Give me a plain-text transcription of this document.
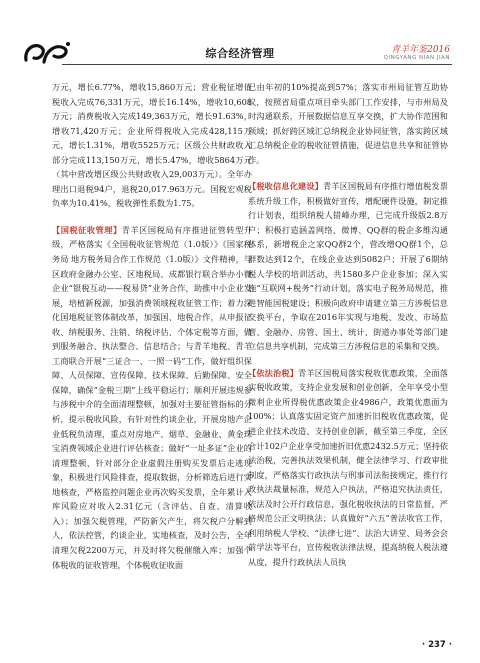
综合经济管理	青羊年鉴2016
QINGYANG NIAN JIAN

万元，增长6.77%，增收15,860万元；营业税征增值税收入完成76,331万元，增长16.14%，增收10,608万元；消费税收入完成149,363万元，增长91.63%，增收71,420万元；企业所得税收入完成428,115万元，增长1.31%，增收5525万元；区级公共财政收入部分完成113,150万元，增长5.47%，增收5864万元（其中营改增区级公共财政收入29,003万元）。全年办理出口退税94户，退税20,017.963万元。国税宏观税负率为10.41%，税收弹性系数为1.75。

【国税征收管理】青羊区国税局有序推进征管转型升级，严格落实《全国税收征管规范（1.0版）》《国家税务局 地方税务局合作工作规范（1.0版）》文件精神，与区政府金融办公室、区地税局、成都银行联合举办小微企业“银税互动——税易贷”业务合作，助推中小企业发展，培植新税源，加强消费领域税收征管工作；着力深化国地税征管体制改革，加强国、地税合作，从申报征收、纳税服务、注销、纳税评估、个体定税等方面，做到服务融合、执法整合、信息结合；与青羊地税、青羊工商联合开展“三证合一、一照一码”工作，做好组织保障、人员保障、宣传保障、技术保障、后勤保障、安全保障，确保“金税三期”上线平稳运行；顺利开展违规参与涉税中介的全面清理整顿，加强对主要征管指标的分析，提示税收风险，有针对性约谈企业，开展房地产企业低税负清理，重点对房地产、烟草、金融业、黄金珠宝消费领域企业进行评估核查；做好“一址多证”企业的清理整顿，针对部分企业虚假注册购买发票后走逃现象，积极进行风险排查，提取数据，分析筛选后进行实地核查，严格监控问题企业再次购买发票，全年累计入库风险应对收入2.31亿元（含评估、自查、清算收入）；加强欠税管理，严防新欠产生，将欠税户分解到人，依法控管，约谈企业，实地核查，及时公告，全年清理欠税2200万元，并及时将欠税催缴入库；加强个体税收的征收管理，个体税收征收面

已由年初的10%提高到57%；落实市州局征管互助协议，按照省局重点项目牵头部门工作安排，与市州局及时沟通联系，开展数据信息互享交换，扩大协作范围和领域；抓好跨区域汇总纳税企业协同征管，落实跨区域汇总纳税企业的税收征管措施，促进信息共享和征管协作。

【税收信息化建设】青羊区国税局有序推行增值税发票系统升级工作，积极做好宣传，增配硬件设施，制定推行计划表，组织纳税人错峰办理，已完成升级版2.8万户；积极打造涵盖网络、微博、QQ群的税企多维沟通体系，新增税企之家QQ群2个，营改增QQ群1个，总群数达到12个，在线企业达到5082户；开展了6期纳税人学校的培训活动，共1580多户企业参加；深入实施“互联网+税务”行动计划，落实电子税务局规范，推进智能国税建设；积极向政府申请建立第三方涉税信息交换平台，争取在2016年实现与地税、发改、市场监管、金融办、房管、国土、统计、街道办事处等部门建立信息共享机制，完成第三方涉税信息的采集和交换。

【依法治税】青羊区国税局落实税收优惠政策，全面落实税收政策，支持企业发展和创业创新，全年享受小型微利企业所得税优惠政策企业4986户，政策优惠面为100%；认真落实固定资产加速折旧税收优惠政策，促进企业技术改造、支持创业创新，截至第三季度，全区合计102户企业享受加速折旧优惠2432.5万元；坚持依法治税，完善执法效果机制，健全法律学习、行政审批制度，严格落实行政执法与刑事司法衔接规定，推行行政执法裁量标准，规范入户执法，严格追究执法责任，依法及时公开行政信息，强化税收执法的日常监督，严格规范公正文明执法；认真做好“六五”普法收官工作，利用纳税人学校、“法律七进”、法治大讲堂、局务会会前学法等平台，宣传税收法律法规，提高纳税人税法遵从度，提升行政执法人员执

· 237 ·
